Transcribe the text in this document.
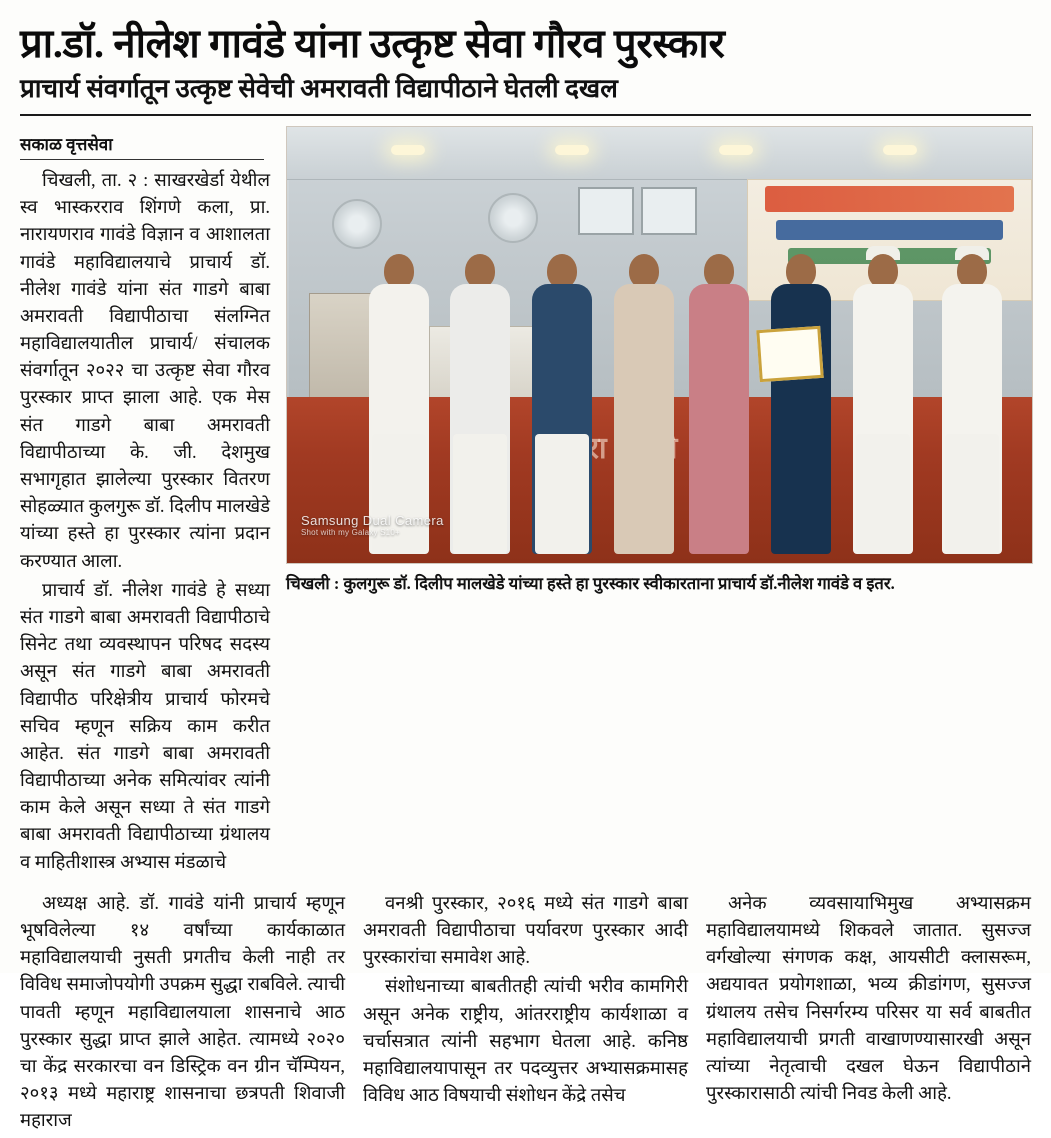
प्रा.डॉ. नीलेश गावंडे यांना उत्कृष्ट सेवा गौरव पुरस्कार
प्राचार्य संवर्गातून उत्कृष्ट सेवेची अमरावती विद्यापीठाने घेतली दखल
सकाळ वृत्तसेवा

चिखली, ता. २ : साखरखेर्डा येथील स्व भास्करराव शिंगणे कला, प्रा. नारायणराव गावंडे विज्ञान व आशालता गावंडे महाविद्यालयाचे प्राचार्य डॉ. नीलेश गावंडे यांना संत गाडगे बाबा अमरावती विद्यापीठाचा संलग्नित महाविद्यालयातील प्राचार्य/ संचालक संवर्गातून २०२२ चा उत्कृष्ट सेवा गौरव पुरस्कार प्राप्त झाला आहे. एक मेस संत गाडगे बाबा अमरावती विद्यापीठाच्या के. जी. देशमुख सभागृहात झालेल्या पुरस्कार वितरण सोहळ्यात कुलगुरू डॉ. दिलीप मालखेडे यांच्या हस्ते हा पुरस्कार त्यांना प्रदान करण्यात आला.

प्राचार्य डॉ. नीलेश गावंडे हे सध्या संत गाडगे बाबा अमरावती विद्यापीठाचे सिनेट तथा व्यवस्थापन परिषद सदस्य असून संत गाडगे बाबा अमरावती विद्यापीठ परिक्षेत्रीय प्राचार्य फोरमचे सचिव म्हणून सक्रिय काम करीत आहेत. संत गाडगे बाबा अमरावती विद्यापीठाच्या अनेक समित्यांवर त्यांनी काम केले असून सध्या ते संत गाडगे बाबा अमरावती विद्यापीठाच्या ग्रंथालय व माहितीशास्त्र अभ्यास मंडळाचे

Samsung Dual Camera
Shot with my Galaxy S10+
चिखली : कुलगुरू डॉ. दिलीप मालखेडे यांच्या हस्ते हा पुरस्कार स्वीकारताना प्राचार्य डॉ.नीलेश गावंडे व इतर.

अध्यक्ष आहे. डॉ. गावंडे यांनी प्राचार्य म्हणून भूषविलेल्या १४ वर्षांच्या कार्यकाळात महाविद्यालयाची नुसती प्रगतीच केली नाही तर विविध समाजोपयोगी उपक्रम सुद्धा राबविले. त्याची पावती म्हणून महाविद्यालयाला शासनाचे आठ पुरस्कार सुद्धा प्राप्त झाले आहेत. त्यामध्ये २०२० चा केंद्र सरकारचा वन डिस्ट्रिक वन ग्रीन चॅम्पियन, २०१३ मध्ये महाराष्ट्र शासनाचा छत्रपती शिवाजी महाराज

वनश्री पुरस्कार, २०१६ मध्ये संत गाडगे बाबा अमरावती विद्यापीठाचा पर्यावरण पुरस्कार आदी पुरस्कारांचा समावेश आहे.

संशोधनाच्या बाबतीतही त्यांची भरीव कामगिरी असून अनेक राष्ट्रीय, आंतरराष्ट्रीय कार्यशाळा व चर्चासत्रात त्यांनी सहभाग घेतला आहे. कनिष्ठ महाविद्यालयापासून तर पदव्युत्तर अभ्यासक्रमासह विविध आठ विषयाची संशोधन केंद्रे तसेच

अनेक व्यवसायाभिमुख अभ्यासक्रम महाविद्यालयामध्ये शिकवले जातात. सुसज्ज वर्गखोल्या संगणक कक्ष, आयसीटी क्लासरूम, अद्ययावत प्रयोगशाळा, भव्य क्रीडांगण, सुसज्ज ग्रंथालय तसेच निसर्गरम्य परिसर या सर्व बाबतीत महाविद्यालयाची प्रगती वाखाणण्यासारखी असून त्यांच्या नेतृत्वाची दखल घेऊन विद्यापीठाने पुरस्कारासाठी त्यांची निवड केली आहे.
